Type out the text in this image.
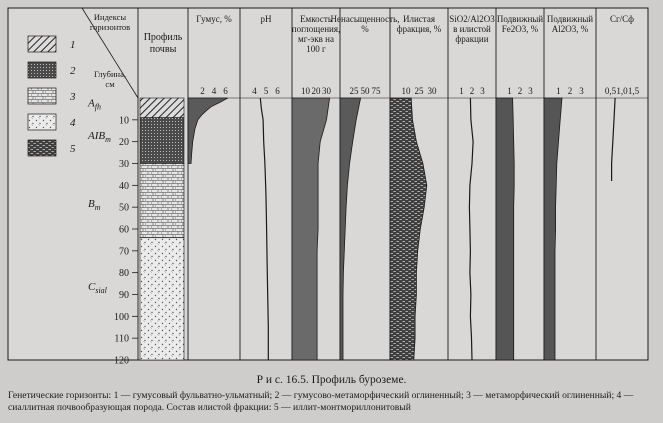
1
2
3
4
5
Индексы
горизонтов
Глубина,
см
10
20
30
40
50
60
70
80
90
100
110
120
$A_{fh}$
$AIB_m$
$B_m$
$C_{sial}$
Профиль
почвы
Гумус, %
2 4 6
pH
4 5 6
Емкость
поглощения,
мг-экв на
100 г
10 20 30
Ненасыщенность,
%
25 50 75
Илистая
фракция, %
10 25 30
SiO2/Al2O3
в илистой
фракции
1 2 3
Подвижный
Fe2O3, %
1 2 3
Подвижный
Al2O3, %
1 2 3
Cг/Cф
0,5 1,0 1,5
Р и с. 16.5. Профиль буроземе.
Генетические горизонты: 1 — гумусовый фульватно-ульматный; 2 — гумусово-метаморфический оглиненный; 3 — метаморфический оглиненный; 4 — сиаллитная почвообразующая порода. Состав илистой фракции: 5 — иллит-монтмориллонитовый
